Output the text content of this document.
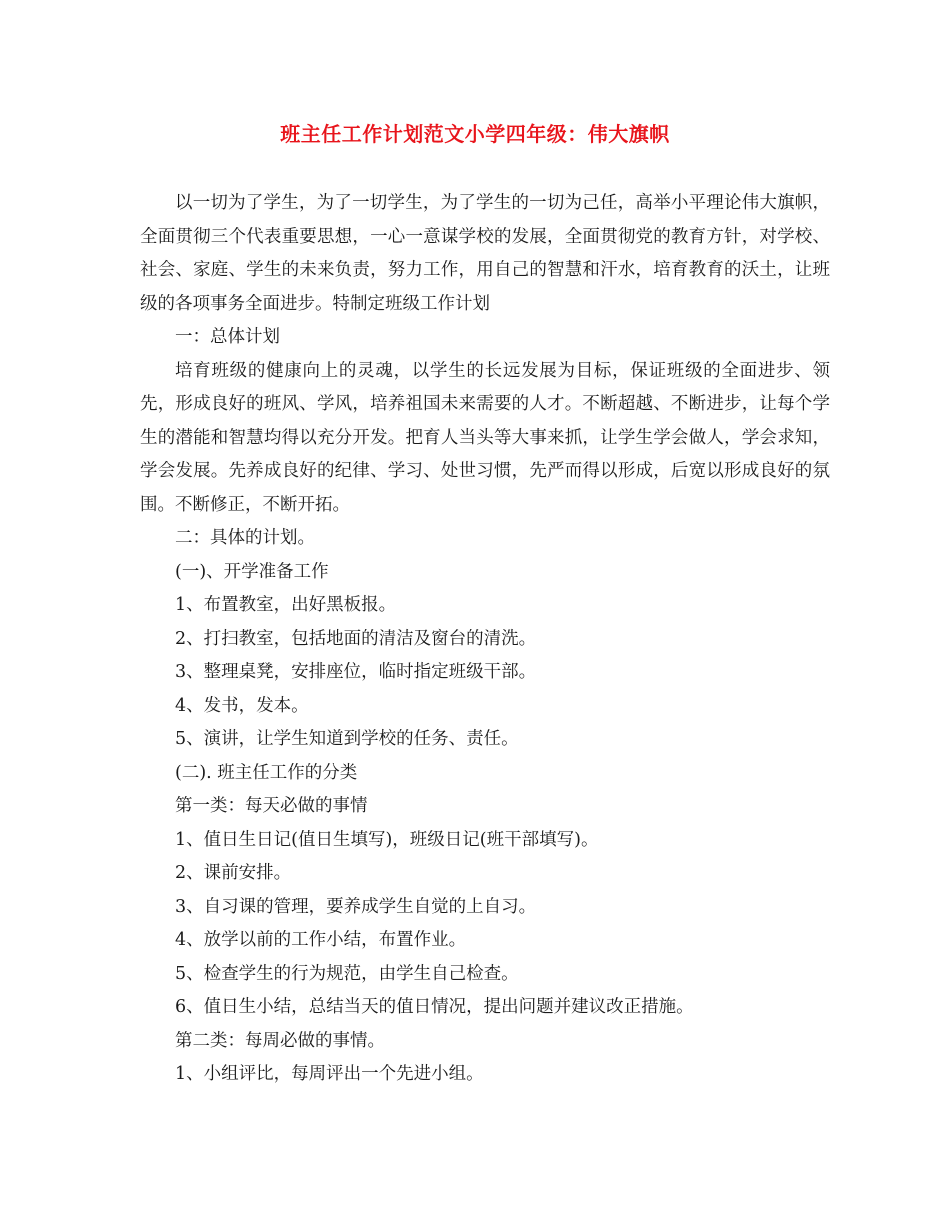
班主任工作计划范文小学四年级：伟大旗帜

以一切为了学生，为了一切学生，为了学生的一切为己任，高举小平理论伟大旗帜，全面贯彻三个代表重要思想，一心一意谋学校的发展，全面贯彻党的教育方针，对学校、社会、家庭、学生的未来负责，努力工作，用自己的智慧和汗水，培育教育的沃土，让班级的各项事务全面进步。特制定班级工作计划

一：总体计划

培育班级的健康向上的灵魂，以学生的长远发展为目标，保证班级的全面进步、领先，形成良好的班风、学风，培养祖国未来需要的人才。不断超越、不断进步，让每个学生的潜能和智慧均得以充分开发。把育人当头等大事来抓，让学生学会做人，学会求知，学会发展。先养成良好的纪律、学习、处世习惯，先严而得以形成，后宽以形成良好的氛围。不断修正，不断开拓。

二：具体的计划。

(一)、开学准备工作

1、布置教室，出好黑板报。

2、打扫教室，包括地面的清洁及窗台的清洗。

3、整理桌凳，安排座位，临时指定班级干部。

4、发书，发本。

5、演讲，让学生知道到学校的任务、责任。

(二). 班主任工作的分类

第一类：每天必做的事情

1、值日生日记(值日生填写)，班级日记(班干部填写)。

2、课前安排。

3、自习课的管理，要养成学生自觉的上自习。

4、放学以前的工作小结，布置作业。

5、检查学生的行为规范，由学生自己检查。

6、值日生小结，总结当天的值日情况，提出问题并建议改正措施。

第二类：每周必做的事情。

1、小组评比，每周评出一个先进小组。
